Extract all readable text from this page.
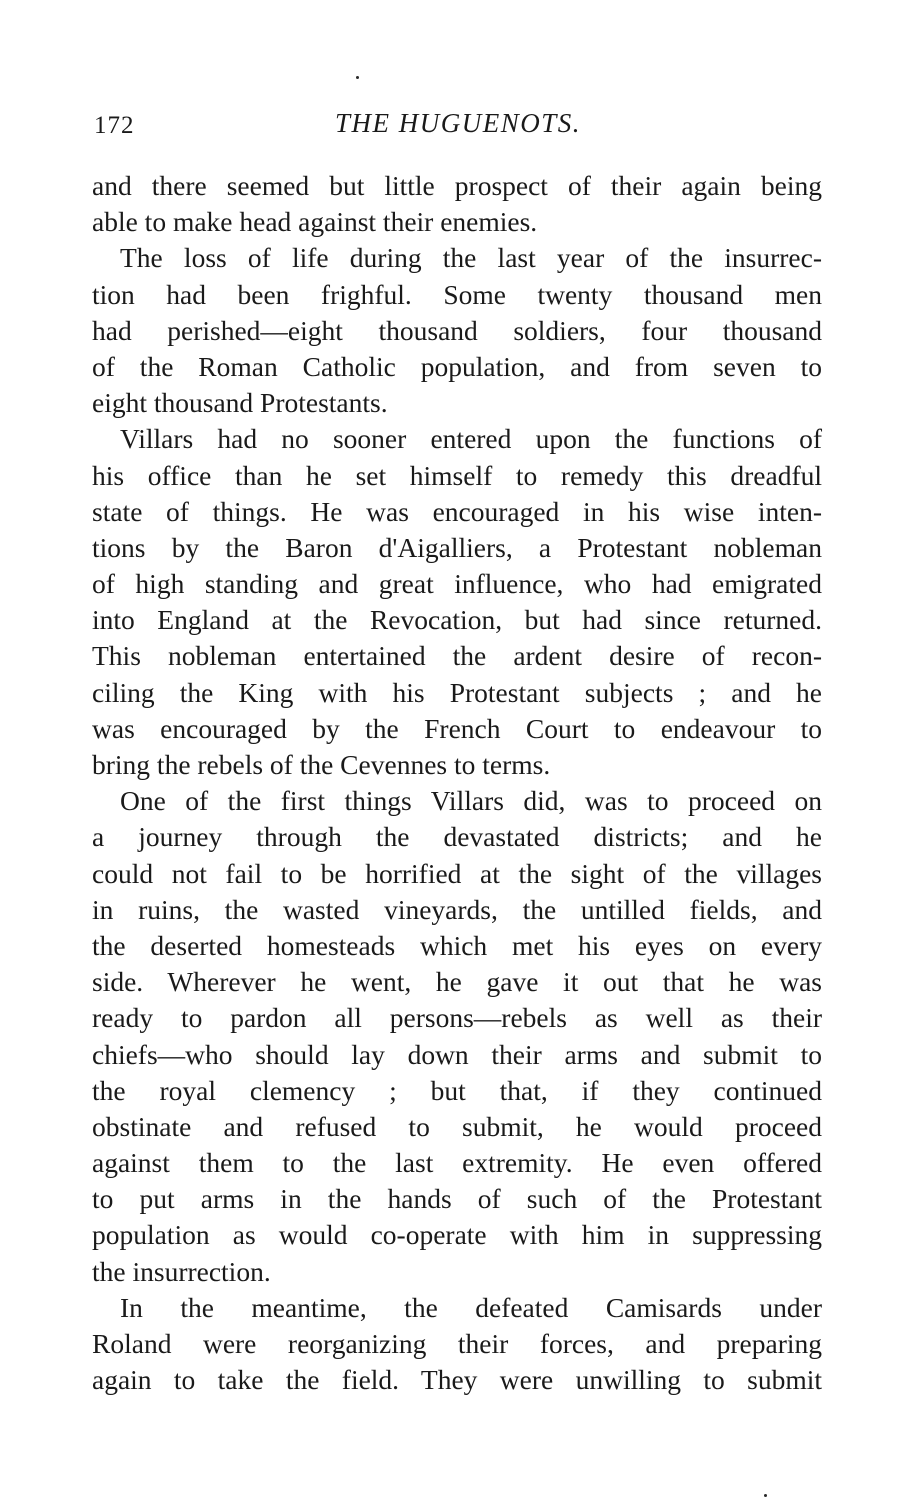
172	THE HUGUENOTS.
and there seemed but little prospect of their again being
able to make head against their enemies.
The loss of life during the last year of the insurrec-
tion had been frighful. Some twenty thousand men
had perished—eight thousand soldiers, four thousand
of the Roman Catholic population, and from seven to
eight thousand Protestants.
Villars had no sooner entered upon the functions of
his office than he set himself to remedy this dreadful
state of things. He was encouraged in his wise inten-
tions by the Baron d'Aigalliers, a Protestant nobleman
of high standing and great influence, who had emigrated
into England at the Revocation, but had since returned.
This nobleman entertained the ardent desire of recon-
ciling the King with his Protestant subjects ; and he
was encouraged by the French Court to endeavour to
bring the rebels of the Cevennes to terms.
One of the first things Villars did, was to proceed on
a journey through the devastated districts; and he
could not fail to be horrified at the sight of the villages
in ruins, the wasted vineyards, the untilled fields, and
the deserted homesteads which met his eyes on every
side. Wherever he went, he gave it out that he was
ready to pardon all persons—rebels as well as their
chiefs—who should lay down their arms and submit to
the royal clemency ; but that, if they continued
obstinate and refused to submit, he would proceed
against them to the last extremity. He even offered
to put arms in the hands of such of the Protestant
population as would co-operate with him in suppressing
the insurrection.
In the meantime, the defeated Camisards under
Roland were reorganizing their forces, and preparing
again to take the field. They were unwilling to submit
